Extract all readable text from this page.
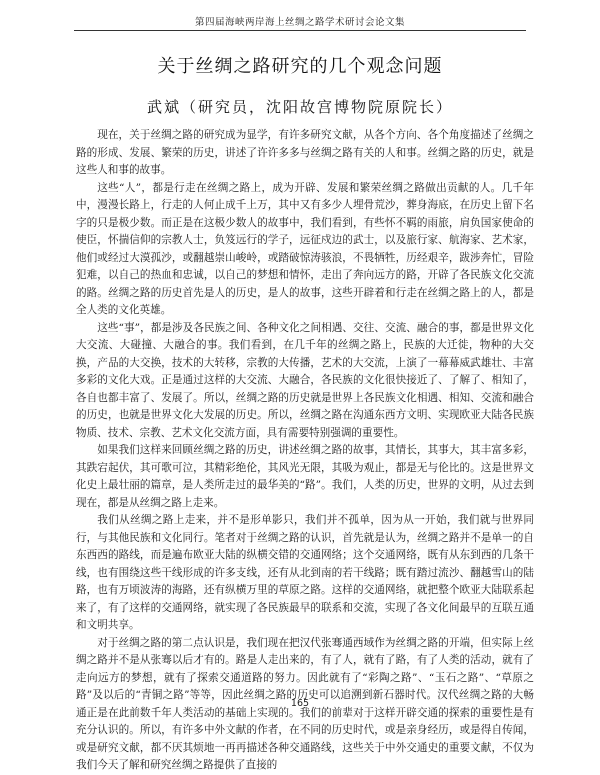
第四届海峡两岸海上丝绸之路学术研讨会论文集
关于丝绸之路研究的几个观念问题
武斌（研究员，沈阳故宫博物院原院长）

现在，关于丝绸之路的研究成为显学，有许多研究文献，从各个方向、各个角度描述了丝绸之路的形成、发展、繁荣的历史，讲述了许许多多与丝绸之路有关的人和事。丝绸之路的历史，就是这些人和事的故事。

这些“人”，都是行走在丝绸之路上，成为开辟、发展和繁荣丝绸之路做出贡献的人。几千年中，漫漫长路上，行走的人何止成千上万，其中又有多少人埋骨荒沙，葬身海底，在历史上留下名字的只是极少数。而正是在这极少数人的故事中，我们看到，有些怀不羁的雨旅，肩负国家使命的使臣，怀揣信仰的宗教人士，负笈远行的学子，远征戍边的武士，以及旅行家、航海家、艺术家，他们或经过大漠孤沙，或翻越崇山峻岭，或踏破惊涛骇浪，不畏牺牲，历经艰辛，跋涉奔忙，冒险犯难，以自己的热血和忠诚，以自己的梦想和情怀，走出了奔向远方的路，开辟了各民族文化交流的路。丝绸之路的历史首先是人的历史，是人的故事，这些开辟着和行走在丝绸之路上的人，都是全人类的文化英雄。

这些“事”，都是涉及各民族之间、各种文化之间相遇、交往、交流、融合的事，都是世界文化大交流、大碰撞、大融合的事。我们看到，在几千年的丝绸之路上，民族的大迁徙，物种的大交换，产品的大交换，技术的大转移，宗教的大传播，艺术的大交流，上演了一幕幕威武雄壮、丰富多彩的文化大戏。正是通过这样的大交流、大融合，各民族的文化很快接近了、了解了、相知了，各自也都丰富了、发展了。所以，丝绸之路的历史就是世界上各民族文化相遇、相知、交流和融合的历史，也就是世界文化大发展的历史。所以，丝绸之路在沟通东西方文明、实现欧亚大陆各民族物质、技术、宗教、艺术文化交流方面，具有需要特别强调的重要性。

如果我们这样来回顾丝绸之路的历史，讲述丝绸之路的故事，其情长，其事大，其丰富多彩，其跌宕起伏，其可歌可泣，其精彩绝伦，其风光无限，其吸为观止，都是无与伦比的。这是世界文化史上最壮丽的篇章，是人类所走过的最华美的“路”。我们，人类的历史，世界的文明，从过去到现在，都是从丝绸之路上走来。

我们从丝绸之路上走来，并不是形单影只，我们并不孤单，因为从一开始，我们就与世界同行，与其他民族和文化同行。笔者对于丝绸之路的认识，首先就是认为，丝绸之路并不是单一的自东西西的路线，而是遍布欧亚大陆的纵横交错的交通网络；这个交通网络，既有从东到西的几条干线，也有围绕这些干线形成的许多支线，还有从北到南的若干线路；既有踏过流沙、翻越雪山的陆路，也有万顷波涛的海路，还有纵横万里的草原之路。这样的交通网络，就把整个欧亚大陆联系起来了，有了这样的交通网络，就实现了各民族最早的联系和交流，实现了各文化间最早的互联互通和文明共享。

对于丝绸之路的第二点认识是，我们现在把汉代张骞通西域作为丝绸之路的开端，但实际上丝绸之路并不是从张骞以后才有的。路是人走出来的，有了人，就有了路，有了人类的活动，就有了走向远方的梦想，就有了探索交通道路的努力。因此就有了“彩陶之路”、“玉石之路”、“草原之路”及以后的“青铜之路”等等，因此丝绸之路的历史可以追溯到新石器时代。汉代丝绸之路的大畅通正是在此前数千年人类活动的基础上实现的。我们的前辈对于这样开辟交通的探索的重要性是有充分认识的。所以，有许多中外文献的作者，在不同的历史时代，或是亲身经历，或是得自传闻，或是研究文献，都不厌其烦地一再再描述各种交通路线，这些关于中外交通史的重要文献，不仅为我们今天了解和研究丝绸之路提供了直接的

165
